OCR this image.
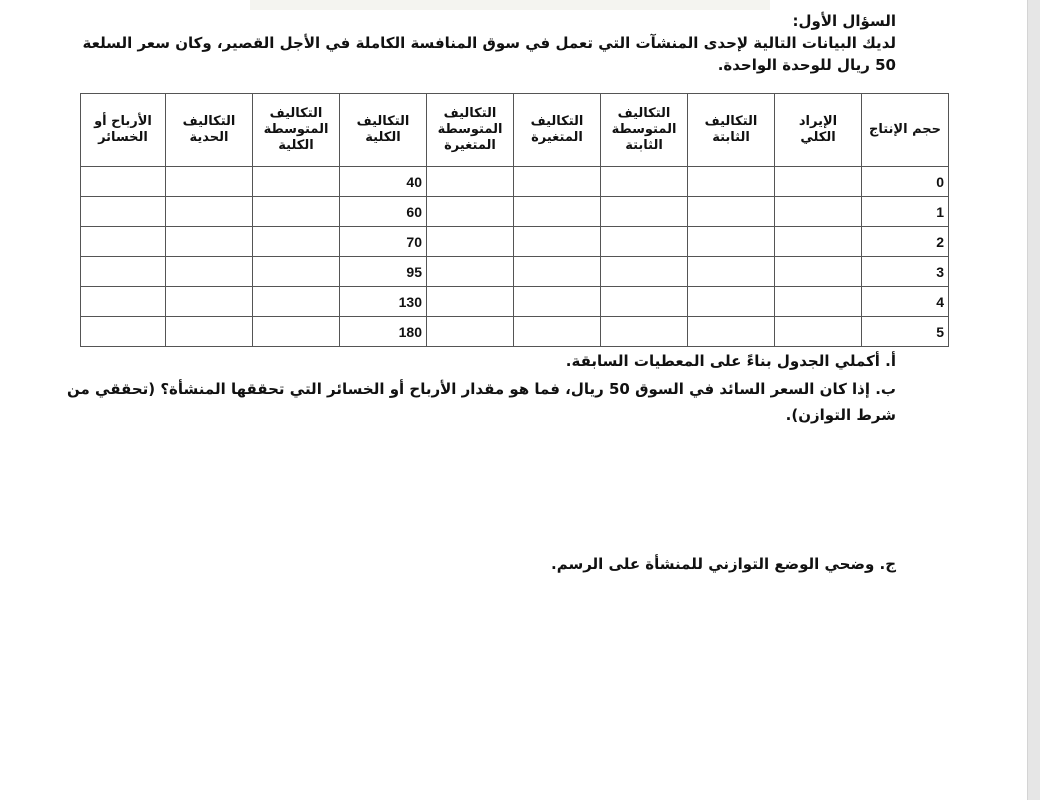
السؤال الأول:

لديك البيانات التالية لإحدى المنشآت التي تعمل في سوق المنافسة الكاملة في الأجل القصير، وكان سعر السلعة 50 ريال للوحدة الواحدة.

حجم الإنتاج	الإيراد الكلي	التكاليف الثابتة	التكاليف المتوسطة الثابتة	التكاليف المتغيرة	التكاليف المتوسطة المتغيرة	التكاليف الكلية	التكاليف المتوسطة الكلية	التكاليف الحدية	الأرباح أو الخسائر
0						40			
1						60			
2						70			
3						95			
4						130			
5						180			

أ. أكملي الجدول بناءً على المعطيات السابقة.

ب. إذا كان السعر السائد في السوق 50 ريال، فما هو مقدار الأرباح أو الخسائر التي تحققها المنشأة؟ (تحققي من شرط التوازن).

ج. وضحي الوضع التوازني للمنشأة على الرسم.
